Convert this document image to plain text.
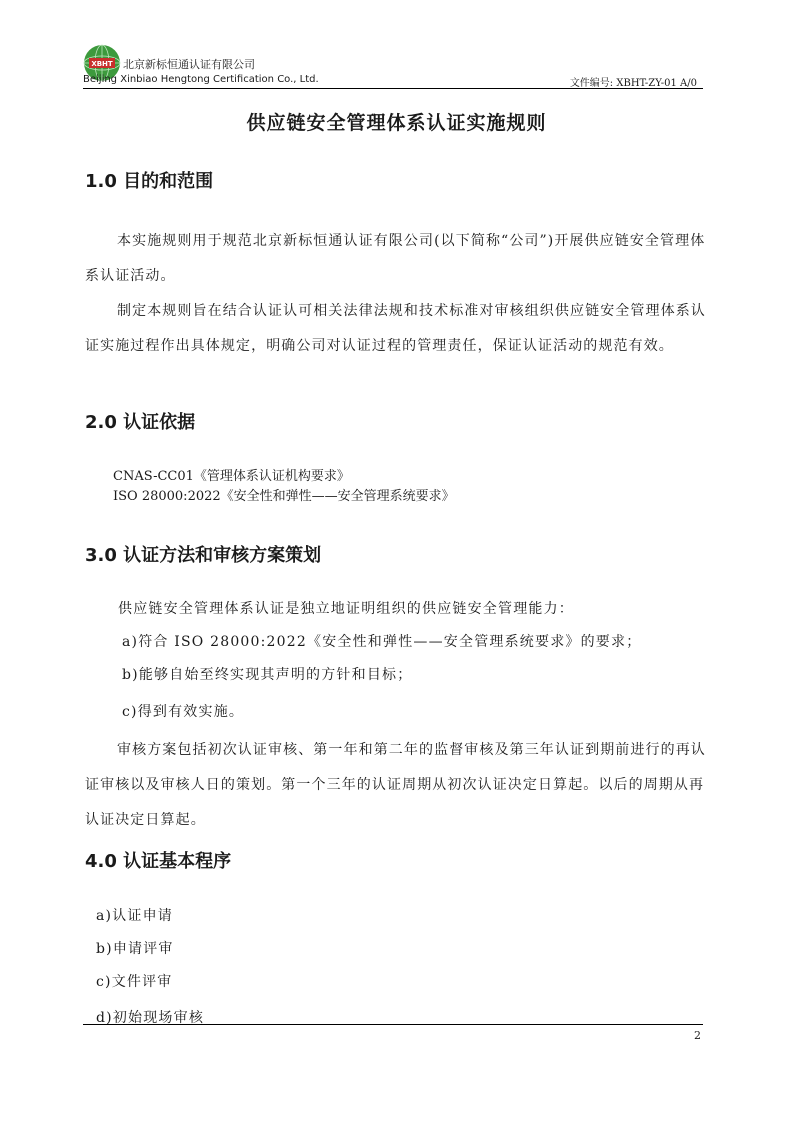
XBHT 北京新标恒通认证有限公司
Beijing Xinbiao Hengtong Certification Co., Ltd.	文件编号: XBHT-ZY-01 A/0
供应链安全管理体系认证实施规则
1.0 目的和范围
本实施规则用于规范北京新标恒通认证有限公司(以下简称“公司”)开展供应链安全管理体系认证活动。
制定本规则旨在结合认证认可相关法律法规和技术标准对审核组织供应链安全管理体系认证实施过程作出具体规定，明确公司对认证过程的管理责任，保证认证活动的规范有效。
2.0 认证依据
CNAS-CC01《管理体系认证机构要求》
ISO 28000:2022《安全性和弹性——安全管理系统要求》
3.0 认证方法和审核方案策划
供应链安全管理体系认证是独立地证明组织的供应链安全管理能力：
a)符合 ISO 28000:2022《安全性和弹性——安全管理系统要求》的要求；
b)能够自始至终实现其声明的方针和目标；
c)得到有效实施。
审核方案包括初次认证审核、第一年和第二年的监督审核及第三年认证到期前进行的再认证审核以及审核人日的策划。第一个三年的认证周期从初次认证决定日算起。以后的周期从再认证决定日算起。
4.0 认证基本程序
a)认证申请
b)申请评审
c)文件评审
d)初始现场审核
2
